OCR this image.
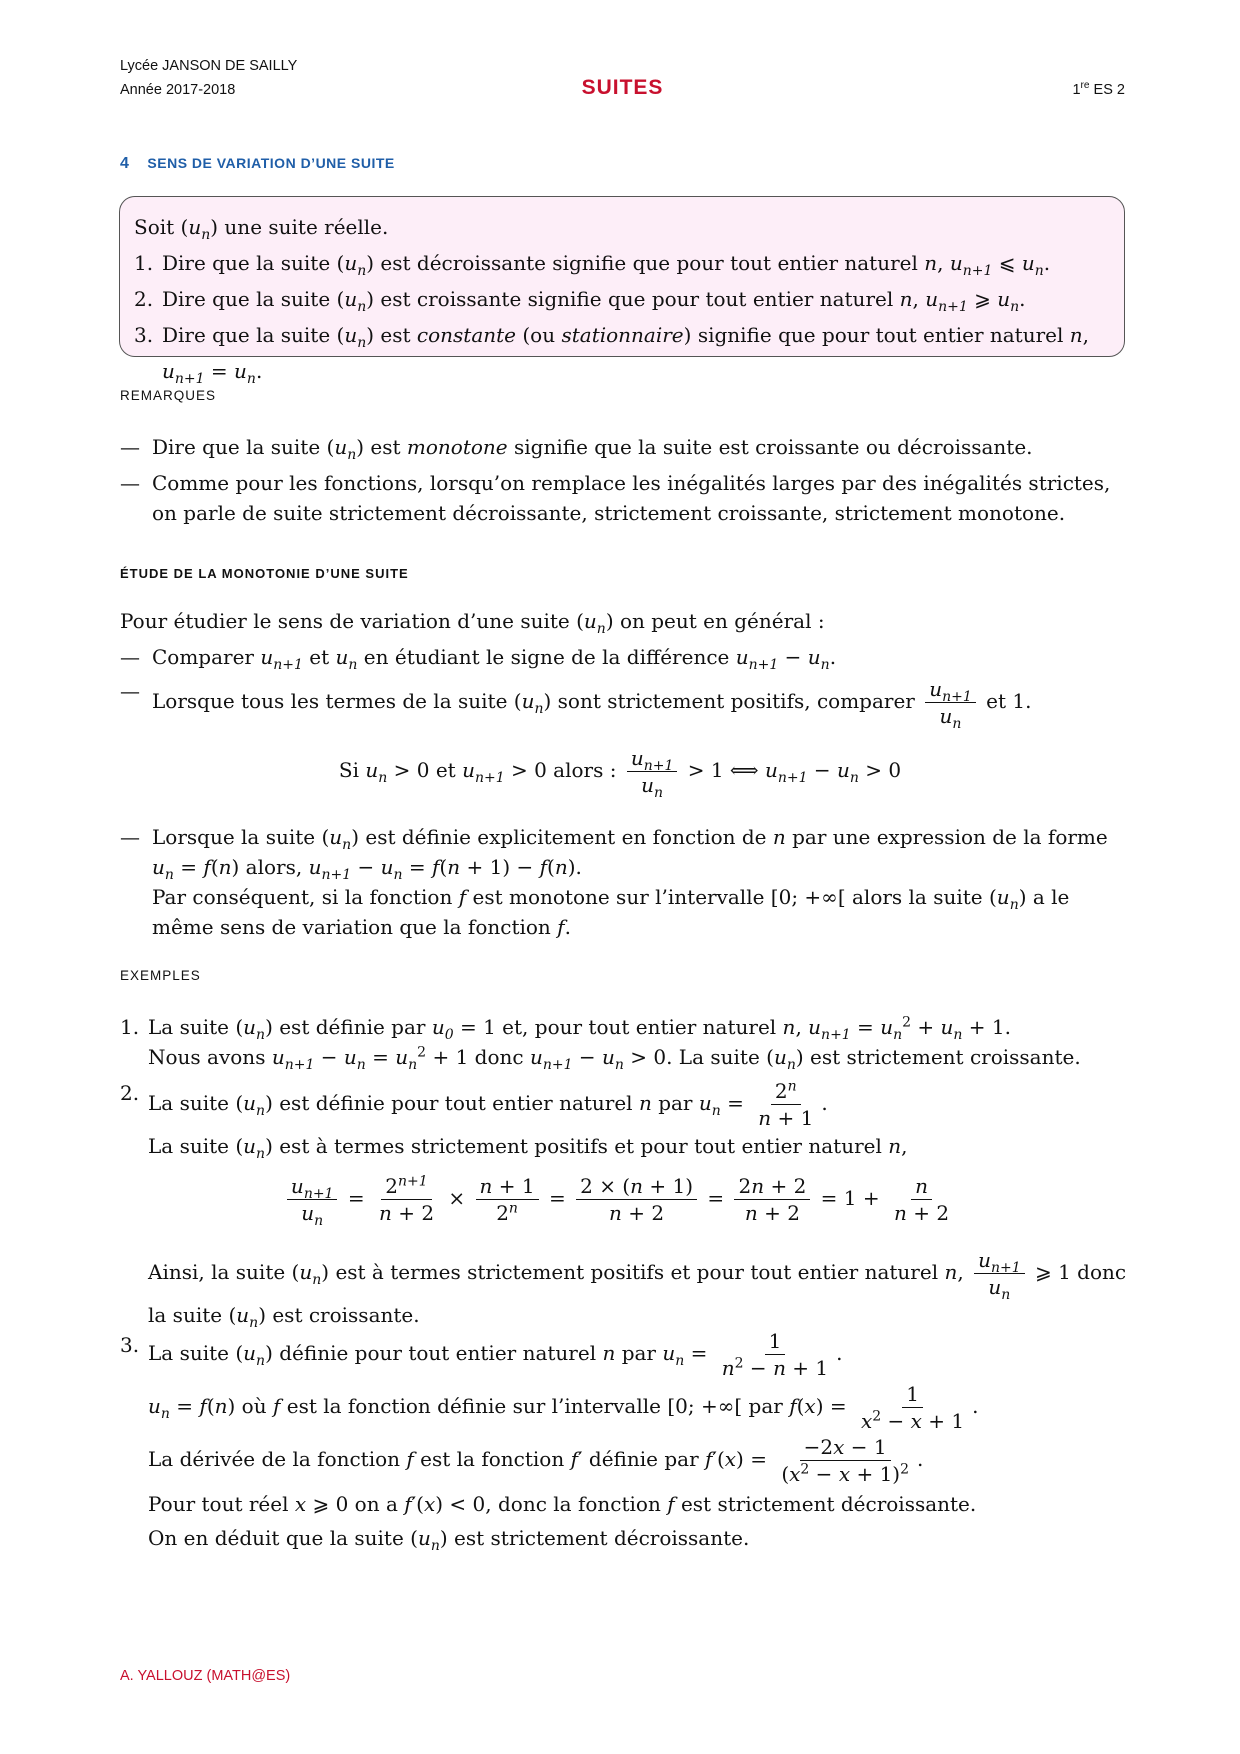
Lycée JANSON DE SAILLY
Année 2017-2018	SUITES	1re ES 2
4 SENS DE VARIATION D’UNE SUITE
Soit $(u_n)$ une suite réelle.
1. Dire que la suite $(u_n)$ est décroissante signifie que pour tout entier naturel n, $u_{n+1}$ ⩽ $u_n$.
2. Dire que la suite $(u_n)$ est croissante signifie que pour tout entier naturel n, $u_{n+1}$ ⩾ $u_n$.
3. Dire que la suite $(u_n)$ est constante (ou stationnaire) signifie que pour tout entier naturel n, $u_{n+1} = u_n$.
REMARQUES
— Dire que la suite $(u_n)$ est monotone signifie que la suite est croissante ou décroissante.
— Comme pour les fonctions, lorsqu’on remplace les inégalités larges par des inégalités strictes, on parle de suite strictement décroissante, strictement croissante, strictement monotone.
ÉTUDE DE LA MONOTONIE D’UNE SUITE
Pour étudier le sens de variation d’une suite $(u_n)$ on peut en général :
— Comparer $u_{n+1}$ et $u_n$ en étudiant le signe de la différence $u_{n+1} - u_n$.
— Lorsque tous les termes de la suite $(u_n)$ sont strictement positifs, comparer $\frac{u_{n+1}}{u_n}$ et 1.
Si $u_n > 0$ et $u_{n+1} > 0$ alors : $\frac{u_{n+1}}{u_n} > 1$ ⟺ $u_{n+1} - u_n > 0$
— Lorsque la suite $(u_n)$ est définie explicitement en fonction de n par une expression de la forme $u_n = f(n)$ alors, $u_{n+1} - u_n = f(n + 1) - f(n)$.
Par conséquent, si la fonction f est monotone sur l’intervalle [0; +∞[ alors la suite $(u_n)$ a le même sens de variation que la fonction f.
EXEMPLES
1. La suite $(u_n)$ est définie par $u_0 = 1$ et, pour tout entier naturel n, $u_{n+1} = u_n^2 + u_n + 1$.
Nous avons $u_{n+1} - u_n = u_n^2 + 1$ donc $u_{n+1} - u_n > 0$. La suite $(u_n)$ est strictement croissante.
2. La suite $(u_n)$ est définie pour tout entier naturel n par $u_n = \frac{2^n}{n + 1}$ .
La suite $(u_n)$ est à termes strictement positifs et pour tout entier naturel n,
$\frac{u_{n+1}}{u_n} = \frac{2^{n+1}}{n + 2} \times \frac{n + 1}{2^n} = \frac{2 \times (n + 1)}{n + 2} = \frac{2n + 2}{n + 2} = 1 + \frac{n}{n + 2}$
Ainsi, la suite $(u_n)$ est à termes strictement positifs et pour tout entier naturel n, $\frac{u_{n+1}}{u_n}$ ⩾ 1 donc la suite $(u_n)$ est croissante.
3. La suite $(u_n)$ définie pour tout entier naturel n par $u_n = \frac{1}{n^2 - n + 1}$ .
$u_n = f(n)$ où f est la fonction définie sur l’intervalle [0; +∞[ par $f(x) = \frac{1}{x^2 - x + 1}$ .
La dérivée de la fonction f est la fonction f′ définie par $f'(x) = \frac{-2x - 1}{(x^2 - x + 1)^2}$ .
Pour tout réel x ⩾ 0 on a f′(x) < 0, donc la fonction f est strictement décroissante.
On en déduit que la suite $(u_n)$ est strictement décroissante.
A. YALLOUZ (MATH@ES)
